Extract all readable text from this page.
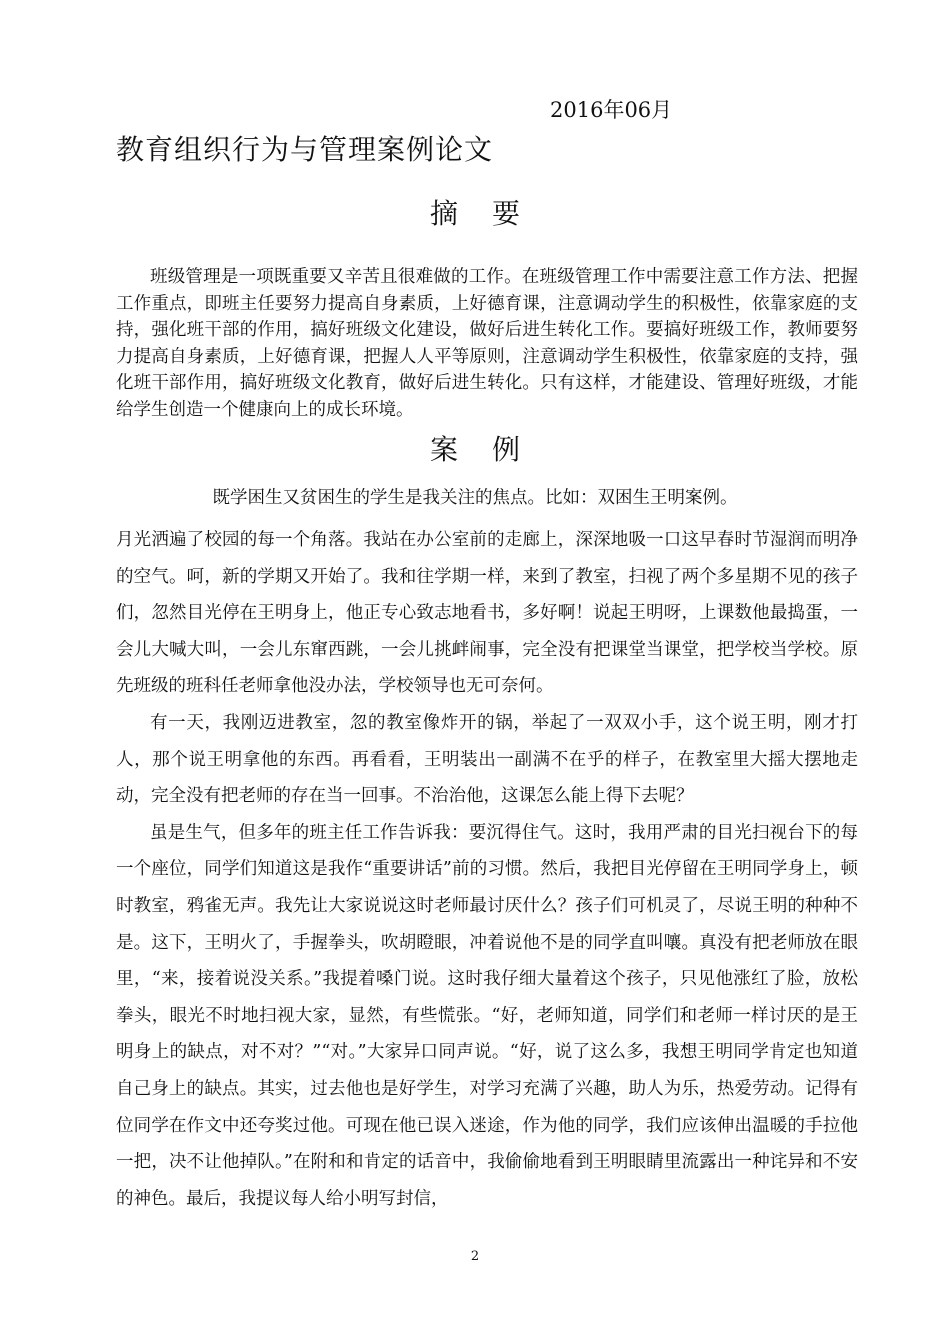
2016年06月
教育组织行为与管理案例论文
摘要
班级管理是一项既重要又辛苦且很难做的工作。在班级管理工作中需要注意工作方法、把握工作重点，即班主任要努力提高自身素质，上好德育课，注意调动学生的积极性，依靠家庭的支持，强化班干部的作用，搞好班级文化建设，做好后进生转化工作。要搞好班级工作，教师要努力提高自身素质，上好德育课，把握人人平等原则，注意调动学生积极性，依靠家庭的支持，强化班干部作用，搞好班级文化教育，做好后进生转化。只有这样，才能建设、管理好班级，才能给学生创造一个健康向上的成长环境。
案例
既学困生又贫困生的学生是我关注的焦点。比如：双困生王明案例。

月光洒遍了校园的每一个角落。我站在办公室前的走廊上，深深地吸一口这早春时节湿润而明净的空气。呵，新的学期又开始了。我和往学期一样，来到了教室，扫视了两个多星期不见的孩子们，忽然目光停在王明身上，他正专心致志地看书，多好啊！说起王明呀，上课数他最捣蛋，一会儿大喊大叫，一会儿东窜西跳，一会儿挑衅闹事，完全没有把课堂当课堂，把学校当学校。原先班级的班科任老师拿他没办法，学校领导也无可奈何。

有一天，我刚迈进教室，忽的教室像炸开的锅，举起了一双双小手，这个说王明，刚才打人，那个说王明拿他的东西。再看看，王明装出一副满不在乎的样子，在教室里大摇大摆地走动，完全没有把老师的存在当一回事。不治治他，这课怎么能上得下去呢？

虽是生气，但多年的班主任工作告诉我：要沉得住气。这时，我用严肃的目光扫视台下的每一个座位，同学们知道这是我作“重要讲话”前的习惯。然后，我把目光停留在王明同学身上，顿时教室，鸦雀无声。我先让大家说说这时老师最讨厌什么？孩子们可机灵了，尽说王明的种种不是。这下，王明火了，手握拳头，吹胡瞪眼，冲着说他不是的同学直叫嚷。真没有把老师放在眼里，“来，接着说没关系。”我提着嗓门说。这时我仔细大量着这个孩子，只见他涨红了脸，放松拳头，眼光不时地扫视大家，显然，有些慌张。“好，老师知道，同学们和老师一样讨厌的是王明身上的缺点，对不对？”“对。”大家异口同声说。“好，说了这么多，我想王明同学肯定也知道自己身上的缺点。其实，过去他也是好学生，对学习充满了兴趣，助人为乐，热爱劳动。记得有位同学在作文中还夸奖过他。可现在他已误入迷途，作为他的同学，我们应该伸出温暖的手拉他一把，决不让他掉队。”在附和和肯定的话音中，我偷偷地看到王明眼睛里流露出一种诧异和不安的神色。最后，我提议每人给小明写封信，

2
